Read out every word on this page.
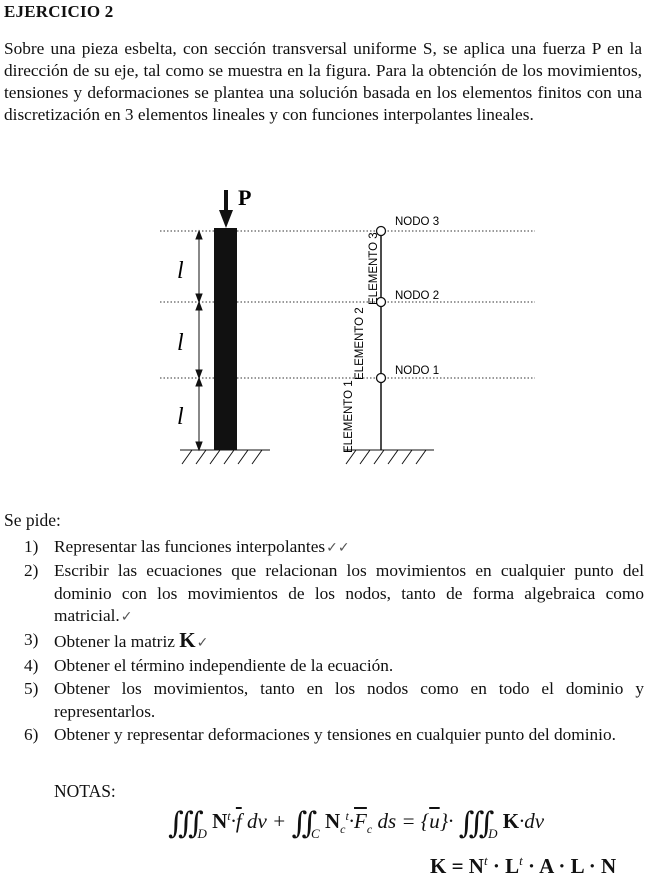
EJERCICIO 2
Sobre una pieza esbelta, con sección transversal uniforme S, se aplica una fuerza P en la dirección de su eje, tal como se muestra en la figura. Para la obtención de los movimientos, tensiones y deformaciones se plantea una solución basada en los elementos finitos con una discretización en 3 elementos lineales y con funciones interpolantes lineales.
l
l
l
P
NODO 3
NODO 2
NODO 1
ELEMENTO 3
ELEMENTO 2
ELEMENTO 1
Se pide:
1) Representar las funciones interpolantes✓✓
2) Escribir las ecuaciones que relacionan los movimientos en cualquier punto del dominio con los movimientos de los nodos, tanto de forma algebraica como matricial.✓
3) Obtener la matriz K✓
4) Obtener el término independiente de la ecuación.
5) Obtener los movimientos, tanto en los nodos como en todo el dominio y representarlos.
6) Obtener y representar deformaciones y tensiones en cualquier punto del dominio.
NOTAS:
$∭_D$ $N^t\cdot\overline{f}$ dv + $∬_C$ $N_c^t\cdot\overline{F}_c$ ds = $\{\overline{u}\}\cdot$ $∭_D$ K·dv
$K = N^t \cdot L^t \cdot A \cdot L \cdot N$
